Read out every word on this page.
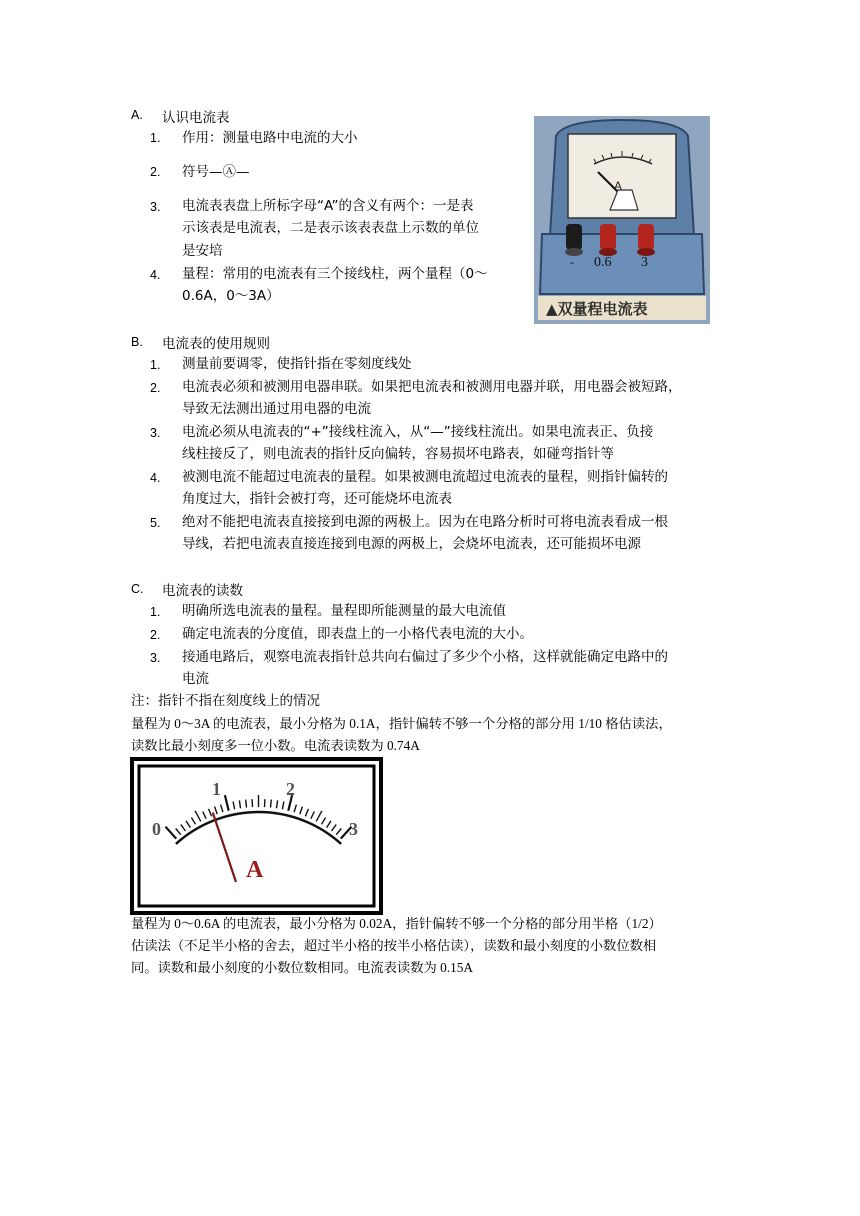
A. 认识电流表
1. 作用：测量电路中电流的大小
2. 符号—Ⓐ—
3. 电流表表盘上所标字母“A”的含义有两个：一是表
示该表是电流表，二是表示该表表盘上示数的单位
是安培
4. 量程：常用的电流表有三个接线柱，两个量程（0～
0.6A，0～3A）
A
- 0.6 3
▲双量程电流表
B. 电流表的使用规则
1. 测量前要调零，使指针指在零刻度线处
2. 电流表必须和被测用电器串联。如果把电流表和被测用电器并联，用电器会被短路，
导致无法测出通过用电器的电流
3. 电流必须从电流表的“+”接线柱流入，从“—”接线柱流出。如果电流表正、负接
线柱接反了，则电流表的指针反向偏转，容易损坏电路表，如碰弯指针等
4. 被测电流不能超过电流表的量程。如果被测电流超过电流表的量程，则指针偏转的
角度过大，指针会被打弯，还可能烧坏电流表
5. 绝对不能把电流表直接接到电源的两极上。因为在电路分析时可将电流表看成一根
导线，若把电流表直接连接到电源的两极上，会烧坏电流表，还可能损坏电源
C. 电流表的读数
1. 明确所选电流表的量程。量程即所能测量的最大电流值
2. 确定电流表的分度值，即表盘上的一小格代表电流的大小。
3. 接通电路后，观察电流表指针总共向右偏过了多少个小格，这样就能确定电路中的
电流
注：指针不指在刻度线上的情况
量程为 0～3A 的电流表，最小分格为 0.1A，指针偏转不够一个分格的部分用 1/10 格估读法，
读数比最小刻度多一位小数。电流表读数为 0.74A
0
1	2
3
A
量程为 0～0.6A 的电流表，最小分格为 0.02A，指针偏转不够一个分格的部分用半格（1/2）
估读法（不足半小格的舍去，超过半小格的按半小格估读），读数和最小刻度的小数位数相
同。读数和最小刻度的小数位数相同。电流表读数为 0.15A
